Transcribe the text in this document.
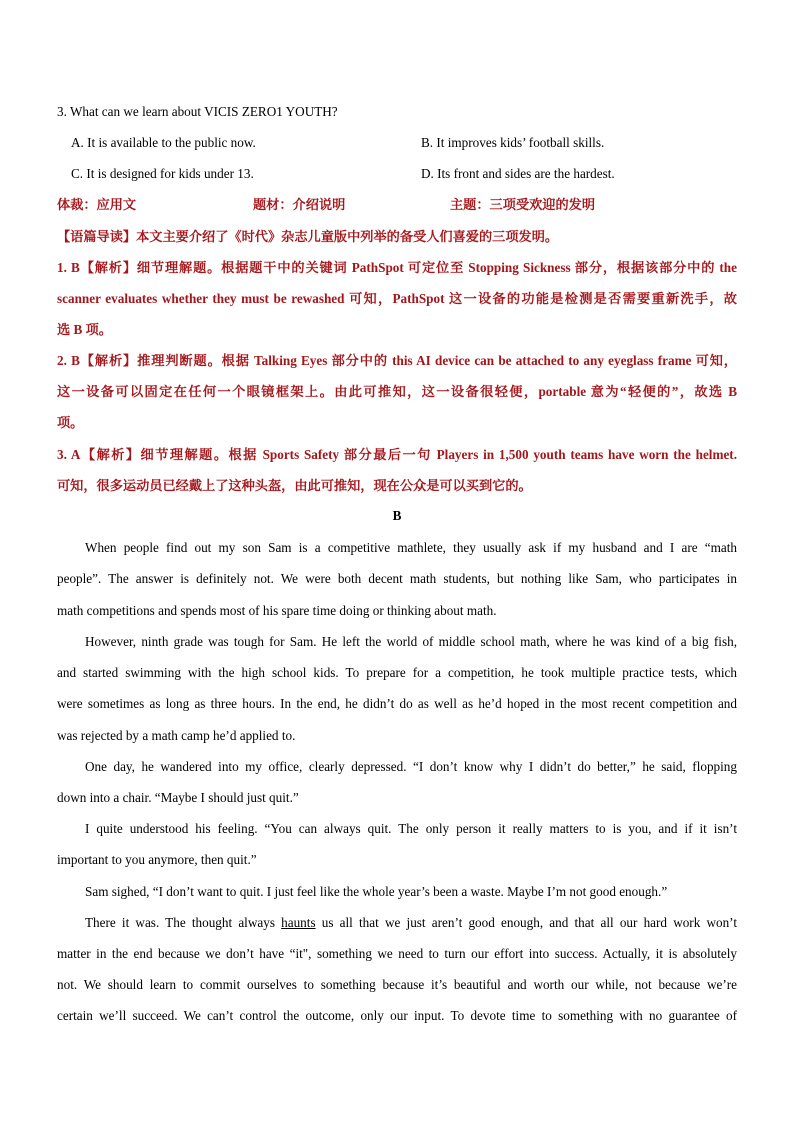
3. What can we learn about VICIS ZERO1 YOUTH?
A. It is available to the public now.	B. It improves kids’ football skills.
C. It is designed for kids under 13.	D. Its front and sides are the hardest.
体裁：应用文	题材：介绍说明	主题：三项受欢迎的发明
【语篇导读】本文主要介绍了《时代》杂志儿童版中列举的备受人们喜爱的三项发明。
1. B【解析】细节理解题。根据题干中的关键词 PathSpot 可定位至 Stopping Sickness 部分，根据该部分中的 the
scanner evaluates whether they must be rewashed 可知，PathSpot 这一设备的功能是检测是否需要重新洗手，故
选 B 项。
2. B【解析】推理判断题。根据 Talking Eyes 部分中的 this AI device can be attached to any eyeglass frame 可知，
这一设备可以固定在任何一个眼镜框架上。由此可推知，这一设备很轻便，portable 意为“轻便的”，故选 B
项。
3. A【解析】细节理解题。根据 Sports Safety 部分最后一句 Players in 1,500 youth teams have worn the helmet.
可知，很多运动员已经戴上了这种头盔，由此可推知，现在公众是可以买到它的。
B
When people find out my son Sam is a competitive mathlete, they usually ask if my husband and I are “math
people”. The answer is definitely not. We were both decent math students, but nothing like Sam, who participates in
math competitions and spends most of his spare time doing or thinking about math.
However, ninth grade was tough for Sam. He left the world of middle school math, where he was kind of a big fish,
and started swimming with the high school kids. To prepare for a competition, he took multiple practice tests, which
were sometimes as long as three hours. In the end, he didn’t do as well as he’d hoped in the most recent competition and
was rejected by a math camp he’d applied to.
One day, he wandered into my office, clearly depressed. “I don’t know why I didn’t do better,” he said, flopping
down into a chair. “Maybe I should just quit.”
I quite understood his feeling. “You can always quit. The only person it really matters to is you, and if it isn’t
important to you anymore, then quit.”
Sam sighed, “I don’t want to quit. I just feel like the whole year’s been a waste. Maybe I’m not good enough.”
There it was. The thought always haunts us all that we just aren’t good enough, and that all our hard work won’t
matter in the end because we don’t have “it", something we need to turn our effort into success. Actually, it is absolutely
not. We should learn to commit ourselves to something because it’s beautiful and worth our while, not because we’re
certain we’ll succeed. We can’t control the outcome, only our input. To devote time to something with no guarantee of
